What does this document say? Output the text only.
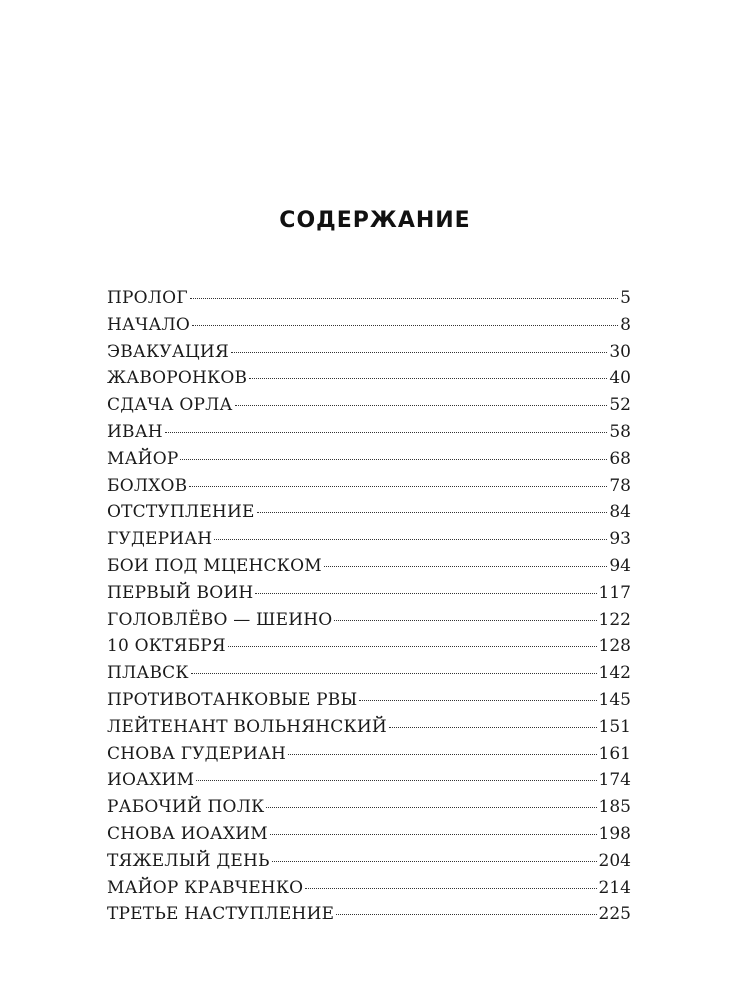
СОДЕРЖАНИЕ
ПРОЛОГ	5
НАЧАЛО	8
ЭВАКУАЦИЯ	30
ЖАВОРОНКОВ	40
СДАЧА ОРЛА	52
ИВАН	58
МАЙОР	68
БОЛХОВ	78
ОТСТУПЛЕНИЕ	84
ГУДЕРИАН	93
БОИ ПОД МЦЕНСКОМ	94
ПЕРВЫЙ ВОИН	117
ГОЛОВЛЁВО — ШЕИНО	122
10 ОКТЯБРЯ	128
ПЛАВСК	142
ПРОТИВОТАНКОВЫЕ РВЫ	145
ЛЕЙТЕНАНТ ВОЛЬНЯНСКИЙ	151
СНОВА ГУДЕРИАН	161
ИОАХИМ	174
РАБОЧИЙ ПОЛК	185
СНОВА ИОАХИМ	198
ТЯЖЕЛЫЙ ДЕНЬ	204
МАЙОР КРАВЧЕНКО	214
ТРЕТЬЕ НАСТУПЛЕНИЕ	225
